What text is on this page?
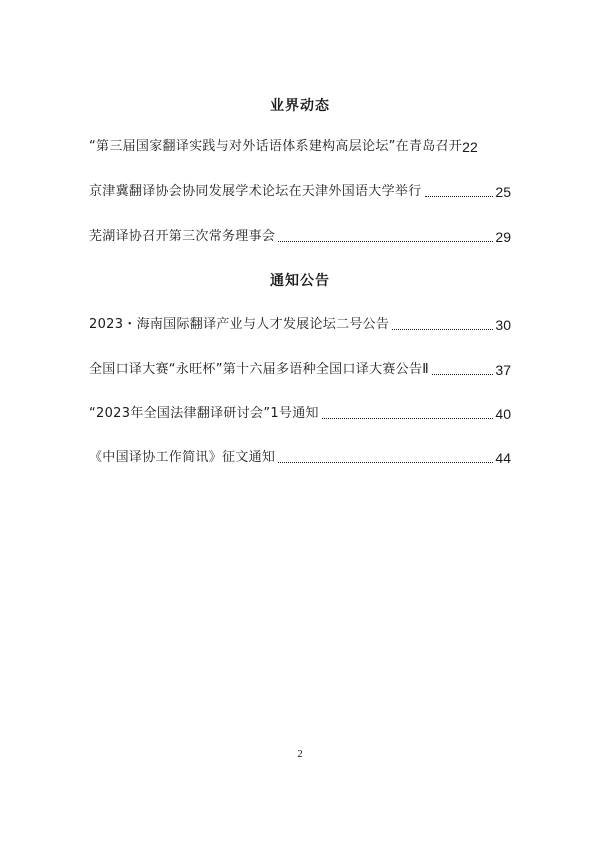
业界动态
“第三届国家翻译实践与对外话语体系建构高层论坛”在青岛召开 22
京津冀翻译协会协同发展学术论坛在天津外国语大学举行	25
芜湖译协召开第三次常务理事会	29
通知公告
2023・海南国际翻译产业与人才发展论坛二号公告	30
全国口译大赛“永旺杯”第十六届多语种全国口译大赛公告Ⅱ	37
“2023年全国法律翻译研讨会”1号通知	40
《中国译协工作简讯》征文通知	44
2
